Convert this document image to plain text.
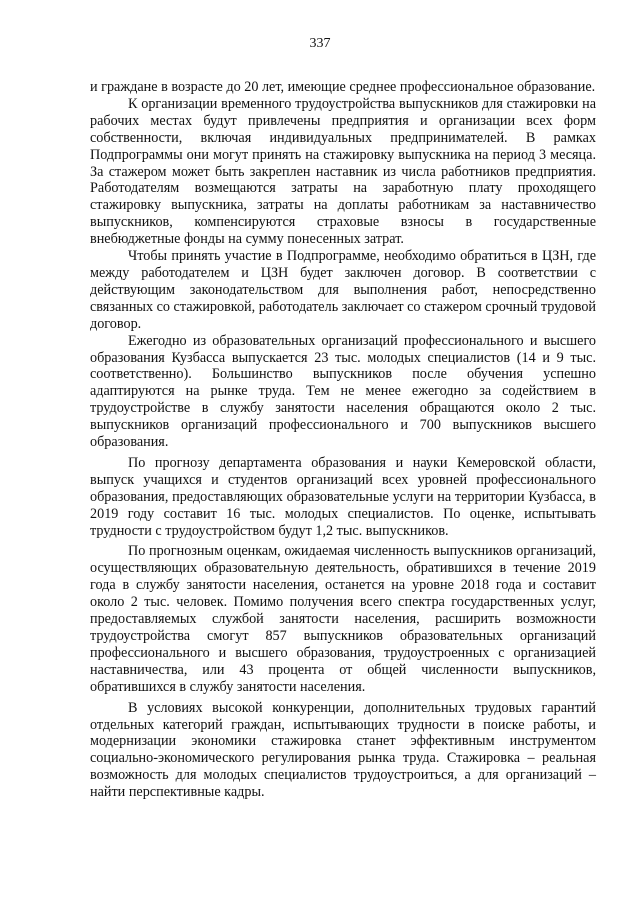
337

и граждане в возрасте до 20 лет, имеющие среднее профессиональное образование.

К организации временного трудоустройства выпускников для стажировки на рабочих местах будут привлечены предприятия и организации всех форм собственности, включая индивидуальных предпринимателей. В рамках Подпрограммы они могут принять на стажировку выпускника на период 3 месяца. За стажером может быть закреплен наставник из числа работников предприятия. Работодателям возмещаются затраты на заработную плату проходящего стажировку выпускника, затраты на доплаты работникам за наставничество выпускников, компенсируются страховые взносы в государственные внебюджетные фонды на сумму понесенных затрат.

Чтобы принять участие в Подпрограмме, необходимо обратиться в ЦЗН, где между работодателем и ЦЗН будет заключен договор. В соответствии с действующим законодательством для выполнения работ, непосредственно связанных со стажировкой, работодатель заключает со стажером срочный трудовой договор.

Ежегодно из образовательных организаций профессионального и высшего образования Кузбасса выпускается 23 тыс. молодых специалистов (14 и 9 тыс. соответственно). Большинство выпускников после обучения успешно адаптируются на рынке труда. Тем не менее ежегодно за содействием в трудоустройстве в службу занятости населения обращаются около 2 тыс. выпускников организаций профессионального и 700 выпускников высшего образования.

По прогнозу департамента образования и науки Кемеровской области, выпуск учащихся и студентов организаций всех уровней профессионального образования, предоставляющих образовательные услуги на территории Кузбасса, в 2019 году составит 16 тыс. молодых специалистов. По оценке, испытывать трудности с трудоустройством будут 1,2 тыс. выпускников.

По прогнозным оценкам, ожидаемая численность выпускников организаций, осуществляющих образовательную деятельность, обратившихся в течение 2019 года в службу занятости населения, останется на уровне 2018 года и составит около 2 тыс. человек. Помимо получения всего спектра государственных услуг, предоставляемых службой занятости населения, расширить возможности трудоустройства смогут 857 выпускников образовательных организаций профессионального и высшего образования, трудоустроенных с организацией наставничества, или 43 процента от общей численности выпускников, обратившихся в службу занятости населения.

В условиях высокой конкуренции, дополнительных трудовых гарантий отдельных категорий граждан, испытывающих трудности в поиске работы, и модернизации экономики стажировка станет эффективным инструментом социально-экономического регулирования рынка труда. Стажировка – реальная возможность для молодых специалистов трудоустроиться, а для организаций – найти перспективные кадры.
